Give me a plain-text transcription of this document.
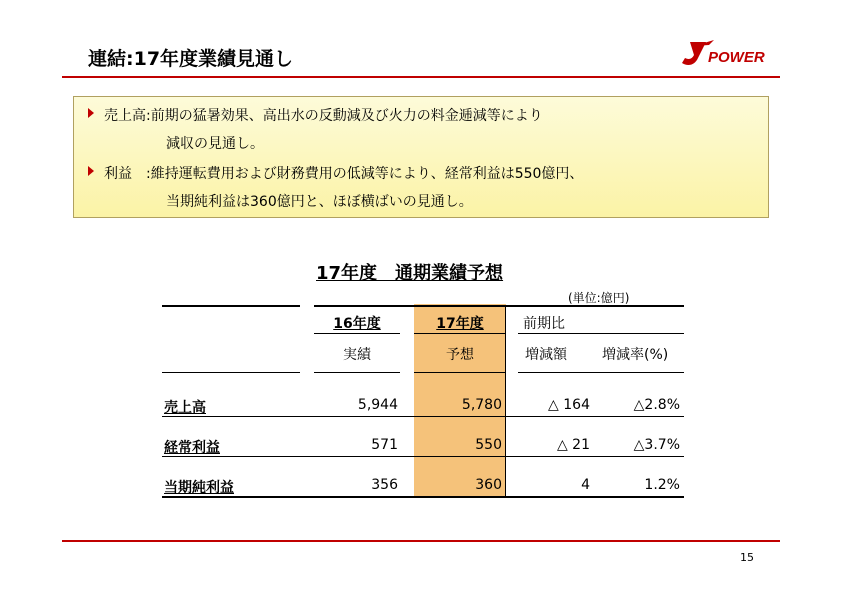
連結:17年度業績見通し	POWER
売上高:前期の猛暑効果、高出水の反動減及び火力の料金逓減等により
減収の見通し。
利益　:維持運転費用および財務費用の低減等により、経常利益は550億円、
当期純利益は360億円と、ほぼ横ばいの見通し。
17年度　通期業績予想
(単位:億円)
16年度	17年度	前期比
実績	予想	増減額	増減率(%)
売上高	5,944	5,780	△ 164	△2.8%
経常利益	571	550	△ 21	△3.7%
当期純利益	356	360	4	1.2%
15
